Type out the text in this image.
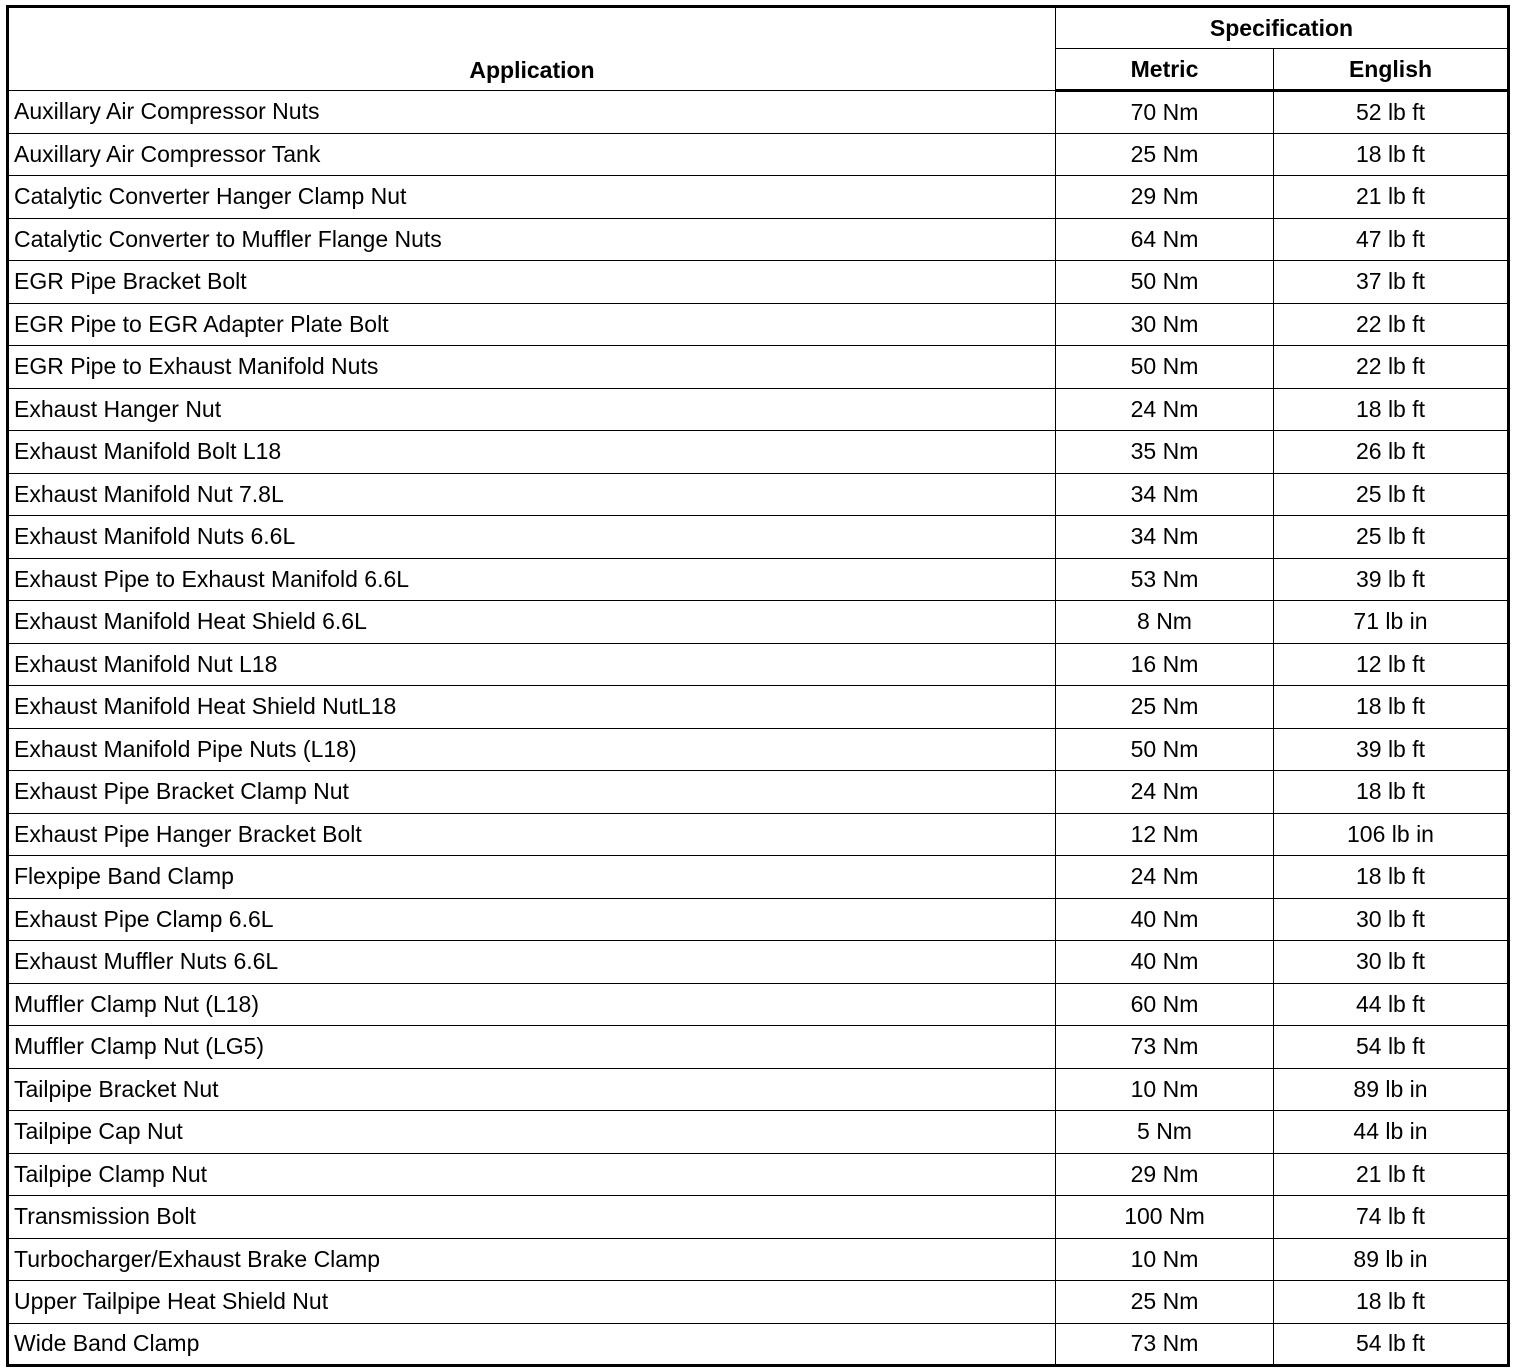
Application	Specification	
	Metric	English
Auxillary Air Compressor Nuts	70 Nm	52 lb ft
Auxillary Air Compressor Tank	25 Nm	18 lb ft
Catalytic Converter Hanger Clamp Nut	29 Nm	21 lb ft
Catalytic Converter to Muffler Flange Nuts	64 Nm	47 lb ft
EGR Pipe Bracket Bolt	50 Nm	37 lb ft
EGR Pipe to EGR Adapter Plate Bolt	30 Nm	22 lb ft
EGR Pipe to Exhaust Manifold Nuts	50 Nm	22 lb ft
Exhaust Hanger Nut	24 Nm	18 lb ft
Exhaust Manifold Bolt L18	35 Nm	26 lb ft
Exhaust Manifold Nut 7.8L	34 Nm	25 lb ft
Exhaust Manifold Nuts 6.6L	34 Nm	25 lb ft
Exhaust Pipe to Exhaust Manifold 6.6L	53 Nm	39 lb ft
Exhaust Manifold Heat Shield 6.6L	8 Nm	71 lb in
Exhaust Manifold Nut L18	16 Nm	12 lb ft
Exhaust Manifold Heat Shield NutL18	25 Nm	18 lb ft
Exhaust Manifold Pipe Nuts (L18)	50 Nm	39 lb ft
Exhaust Pipe Bracket Clamp Nut	24 Nm	18 lb ft
Exhaust Pipe Hanger Bracket Bolt	12 Nm	106 lb in
Flexpipe Band Clamp	24 Nm	18 lb ft
Exhaust Pipe Clamp 6.6L	40 Nm	30 lb ft
Exhaust Muffler Nuts 6.6L	40 Nm	30 lb ft
Muffler Clamp Nut (L18)	60 Nm	44 lb ft
Muffler Clamp Nut (LG5)	73 Nm	54 lb ft
Tailpipe Bracket Nut	10 Nm	89 lb in
Tailpipe Cap Nut	5 Nm	44 lb in
Tailpipe Clamp Nut	29 Nm	21 lb ft
Transmission Bolt	100 Nm	74 lb ft
Turbocharger/Exhaust Brake Clamp	10 Nm	89 lb in
Upper Tailpipe Heat Shield Nut	25 Nm	18 lb ft
Wide Band Clamp	73 Nm	54 lb ft
